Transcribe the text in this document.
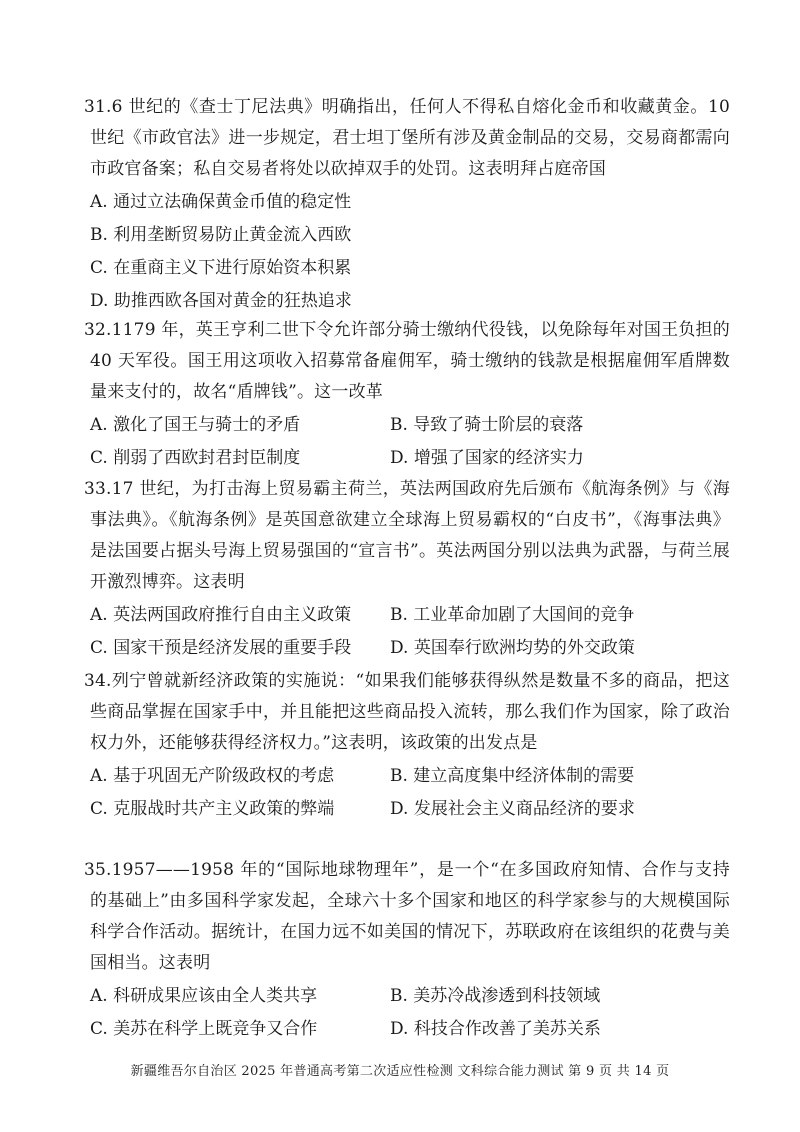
31.6 世纪的《查士丁尼法典》明确指出，任何人不得私自熔化金币和收藏黄金。10 世纪《市政官法》进一步规定，君士坦丁堡所有涉及黄金制品的交易，交易商都需向市政官备案；私自交易者将处以砍掉双手的处罚。这表明拜占庭帝国
A. 通过立法确保黄金币值的稳定性
B. 利用垄断贸易防止黄金流入西欧
C. 在重商主义下进行原始资本积累
D. 助推西欧各国对黄金的狂热追求
32.1179 年，英王亨利二世下令允许部分骑士缴纳代役钱，以免除每年对国王负担的 40 天军役。国王用这项收入招募常备雇佣军，骑士缴纳的钱款是根据雇佣军盾牌数量来支付的，故名“盾牌钱”。这一改革
A. 激化了国王与骑士的矛盾	B. 导致了骑士阶层的衰落
C. 削弱了西欧封君封臣制度	D. 增强了国家的经济实力
33.17 世纪，为打击海上贸易霸主荷兰，英法两国政府先后颁布《航海条例》与《海事法典》。《航海条例》是英国意欲建立全球海上贸易霸权的“白皮书”，《海事法典》是法国要占据头号海上贸易强国的“宣言书”。英法两国分别以法典为武器，与荷兰展开激烈博弈。这表明
A. 英法两国政府推行自由主义政策	B. 工业革命加剧了大国间的竞争
C. 国家干预是经济发展的重要手段	D. 英国奉行欧洲均势的外交政策
34.列宁曾就新经济政策的实施说：“如果我们能够获得纵然是数量不多的商品，把这些商品掌握在国家手中，并且能把这些商品投入流转，那么我们作为国家，除了政治权力外，还能够获得经济权力。”这表明，该政策的出发点是
A. 基于巩固无产阶级政权的考虑	B. 建立高度集中经济体制的需要
C. 克服战时共产主义政策的弊端	D. 发展社会主义商品经济的要求
35.1957——1958 年的“国际地球物理年”，是一个“在多国政府知情、合作与支持的基础上”由多国科学家发起，全球六十多个国家和地区的科学家参与的大规模国际科学合作活动。据统计，在国力远不如美国的情况下，苏联政府在该组织的花费与美国相当。这表明
A. 科研成果应该由全人类共享	B. 美苏冷战渗透到科技领域
C. 美苏在科学上既竞争又合作	D. 科技合作改善了美苏关系
新疆维吾尔自治区 2025 年普通高考第二次适应性检测 文科综合能力测试 第 9 页 共 14 页
